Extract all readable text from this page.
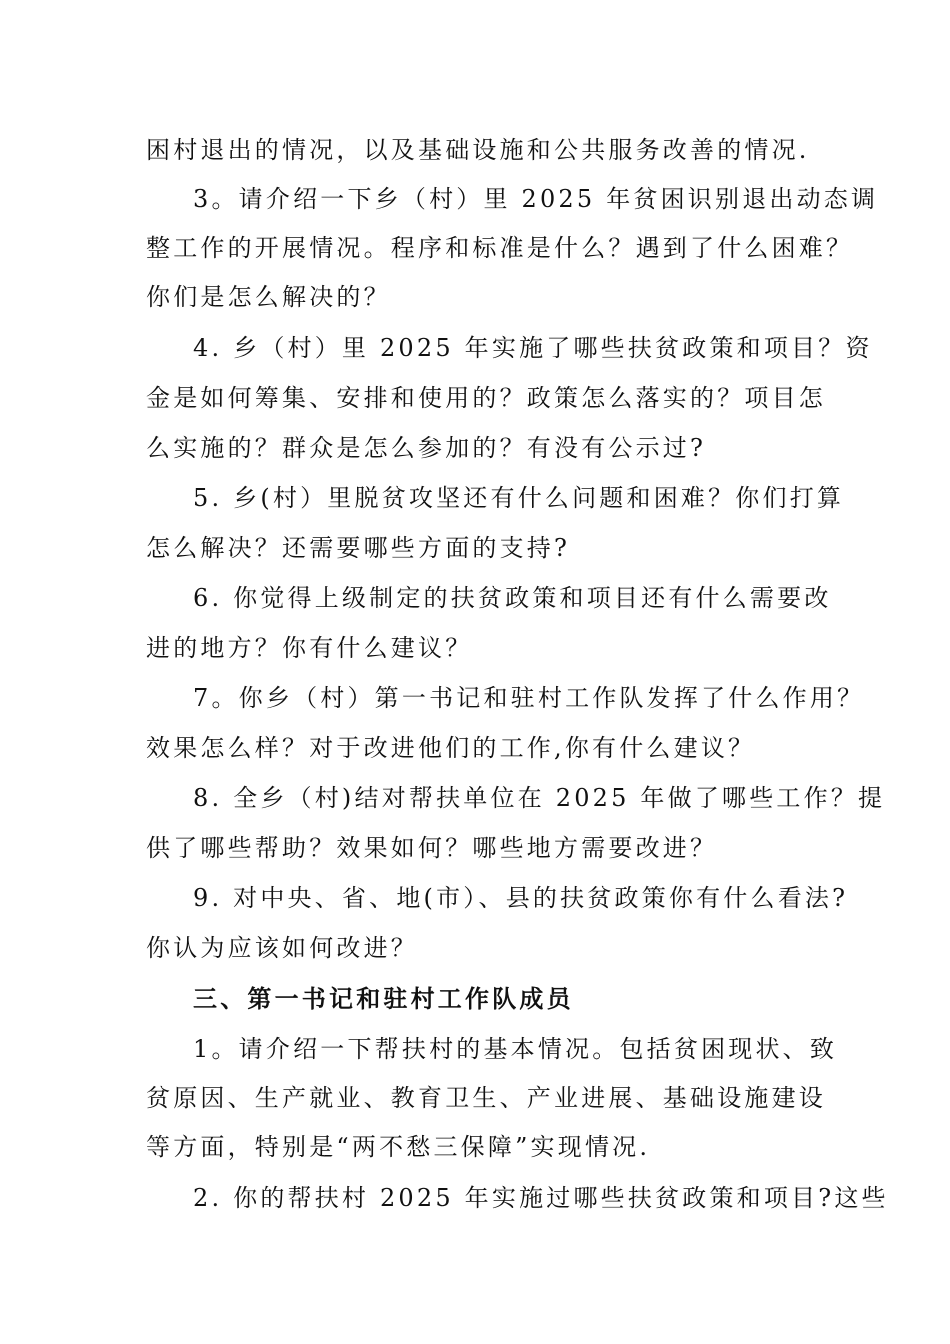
困村退出的情况，以及基础设施和公共服务改善的情况.
3。请介绍一下乡（村）里 2025 年贫困识别退出动态调
整工作的开展情况。程序和标准是什么？遇到了什么困难？
你们是怎么解决的？
4. 乡（村）里 2025 年实施了哪些扶贫政策和项目？资
金是如何筹集、安排和使用的？政策怎么落实的？项目怎
么实施的？群众是怎么参加的？有没有公示过?
5. 乡(村）里脱贫攻坚还有什么问题和困难？你们打算
怎么解决？还需要哪些方面的支持?
6. 你觉得上级制定的扶贫政策和项目还有什么需要改
进的地方？你有什么建议？
7。你乡（村）第一书记和驻村工作队发挥了什么作用？
效果怎么样？对于改进他们的工作,你有什么建议？
8. 全乡（村)结对帮扶单位在 2025 年做了哪些工作？提
供了哪些帮助？效果如何？哪些地方需要改进？
9. 对中央、省、地(市）、县的扶贫政策你有什么看法?
你认为应该如何改进？
三、第一书记和驻村工作队成员
1。请介绍一下帮扶村的基本情况。包括贫困现状、致
贫原因、生产就业、教育卫生、产业进展、基础设施建设
等方面，特别是“两不愁三保障”实现情况.
2. 你的帮扶村 2025 年实施过哪些扶贫政策和项目?这些
